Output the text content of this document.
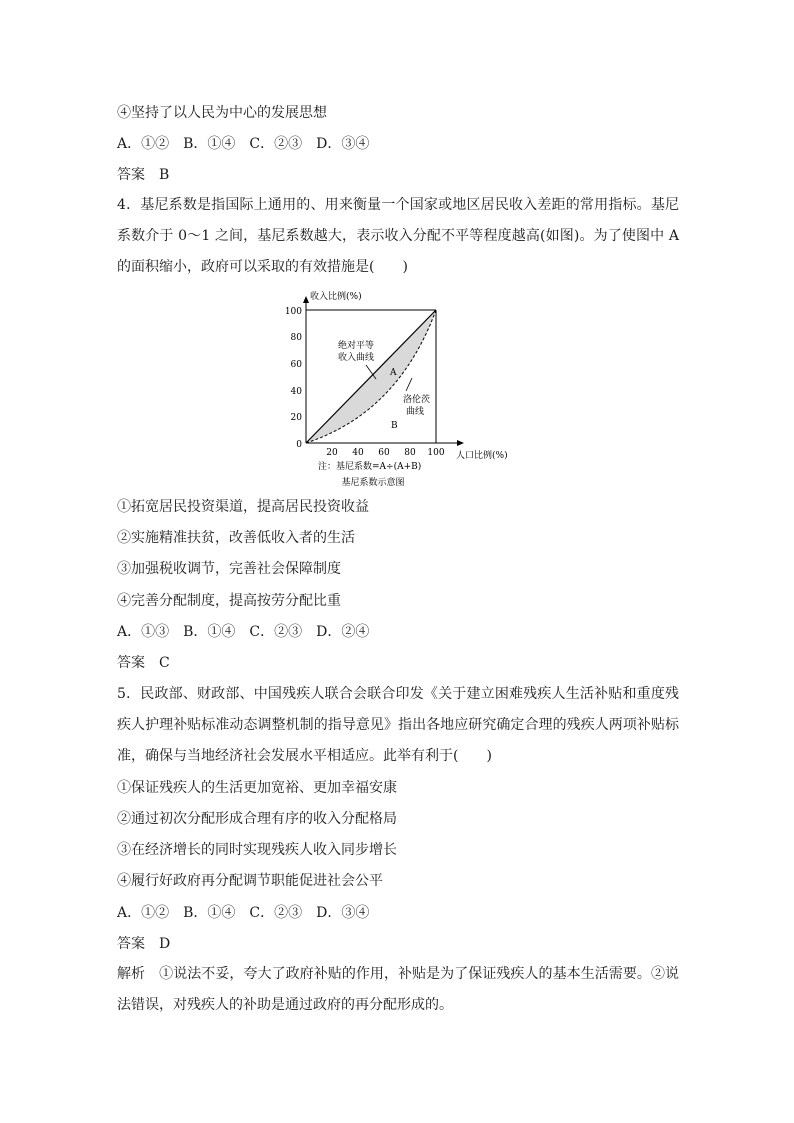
④坚持了以人民为中心的发展思想
A．①②　B．①④　C．②③　D．③④
答案　B
4．基尼系数是指国际上通用的、用来衡量一个国家或地区居民收入差距的常用指标。基尼系数介于 0～1 之间，基尼系数越大，表示收入分配不平等程度越高(如图)。为了使图中 A 的面积缩小，政府可以采取的有效措施是(　　)
100
80
60
40
20
0
20 40 60 80 100
收入比例(%)
人口比例(%)
绝对平等
收入曲线
洛伦茨
曲线
A
B
注：基尼系数=A÷(A+B)
基尼系数示意图
①拓宽居民投资渠道，提高居民投资收益
②实施精准扶贫，改善低收入者的生活
③加强税收调节，完善社会保障制度
④完善分配制度，提高按劳分配比重
A．①③　B．①④　C．②③　D．②④
答案　C
5．民政部、财政部、中国残疾人联合会联合印发《关于建立困难残疾人生活补贴和重度残疾人护理补贴标准动态调整机制的指导意见》指出各地应研究确定合理的残疾人两项补贴标准，确保与当地经济社会发展水平相适应。此举有利于(　　)
①保证残疾人的生活更加宽裕、更加幸福安康
②通过初次分配形成合理有序的收入分配格局
③在经济增长的同时实现残疾人收入同步增长
④履行好政府再分配调节职能促进社会公平
A．①②　B．①④　C．②③　D．③④
答案　D
解析　①说法不妥，夸大了政府补贴的作用，补贴是为了保证残疾人的基本生活需要。②说法错误，对残疾人的补助是通过政府的再分配形成的。
